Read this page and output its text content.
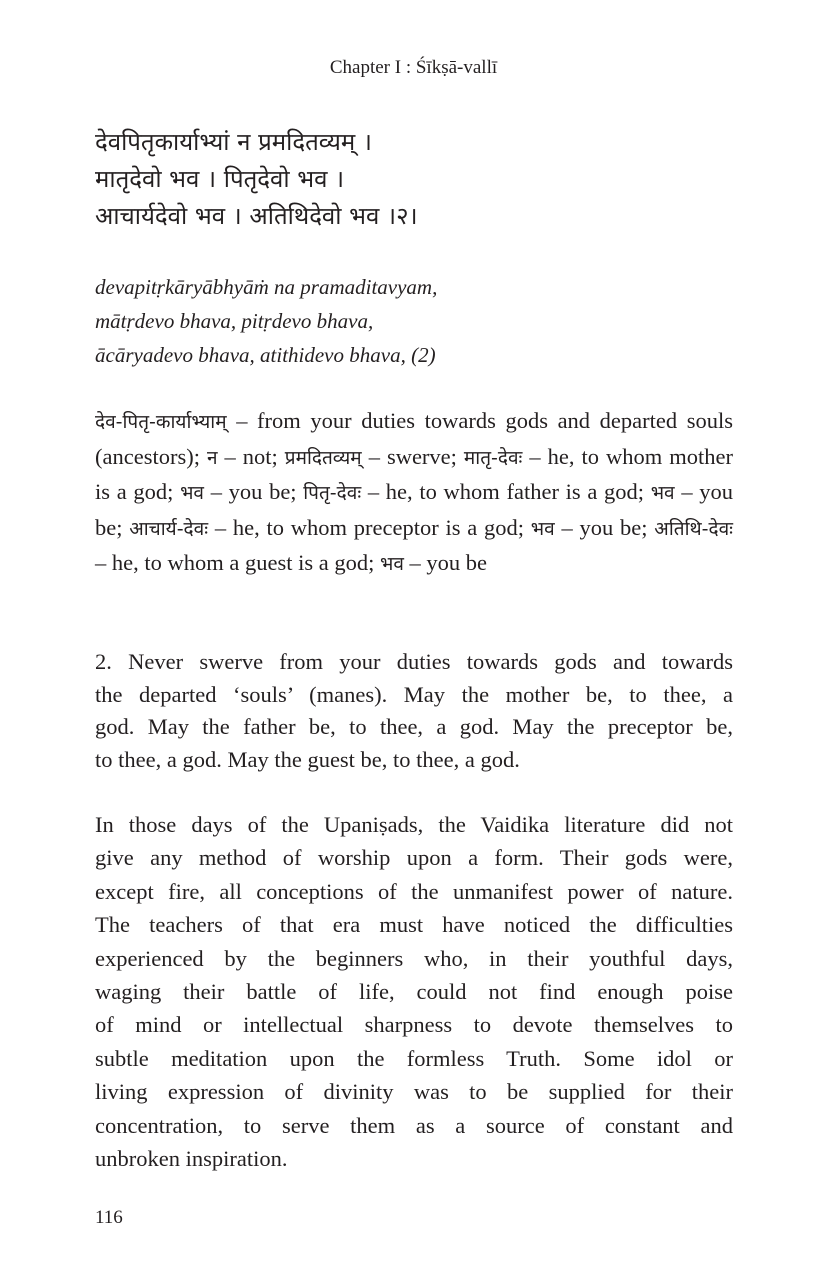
Chapter I : Śīkṣā-vallī
देवपितृकार्याभ्यां न प्रमदितव्यम् ।
मातृदेवो भव । पितृदेवो भव ।
आचार्यदेवो भव । अतिथिदेवो भव ।२।
devapitṛkāryābhyāṁ na pramaditavyam,
mātṛdevo bhava, pitṛdevo bhava,
ācāryadevo bhava, atithidevo bhava, (2)
देव-पितृ-कार्याभ्याम् – from your duties towards gods and departed souls (ancestors); न – not; प्रमदितव्यम् – swerve; मातृ-देवः – he, to whom mother is a god; भव – you be; पितृ-देवः – he, to whom father is a god; भव – you be; आचार्य-देवः – he, to whom preceptor is a god; भव – you be; अतिथि-देवः – he, to whom a guest is a god; भव – you be
2. Never swerve from your duties towards gods and towards
the departed ‘souls’ (manes). May the mother be, to thee, a
god. May the father be, to thee, a god. May the preceptor be,
to thee, a god. May the guest be, to thee, a god.
In those days of the Upaniṣads, the Vaidika literature did not
give any method of worship upon a form. Their gods were,
except fire, all conceptions of the unmanifest power of nature.
The teachers of that era must have noticed the difficulties
experienced by the beginners who, in their youthful days,
waging their battle of life, could not find enough poise
of mind or intellectual sharpness to devote themselves to
subtle meditation upon the formless Truth. Some idol or
living expression of divinity was to be supplied for their
concentration, to serve them as a source of constant and
unbroken inspiration.
116
